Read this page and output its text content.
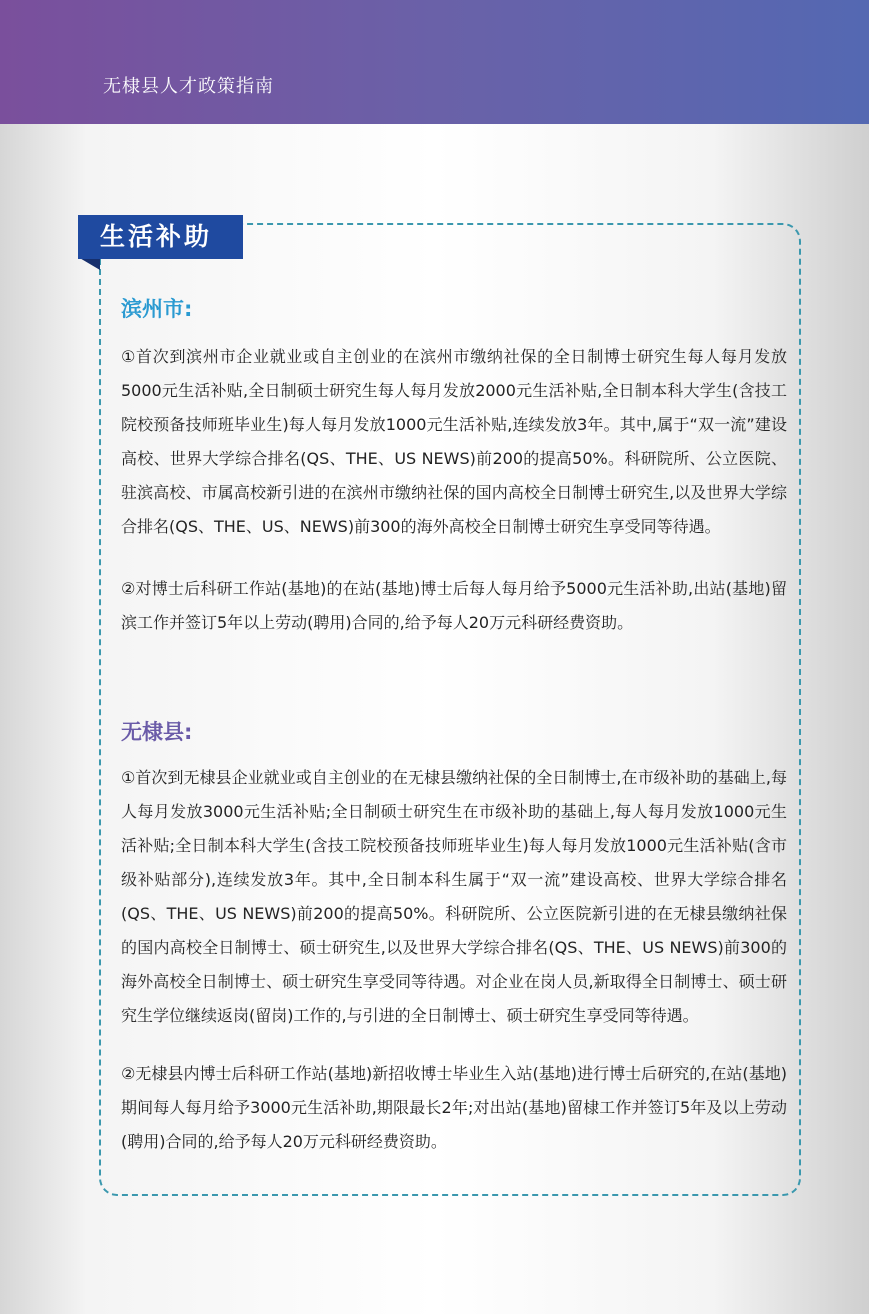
无棣县人才政策指南
生活补助
滨州市:

①首次到滨州市企业就业或自主创业的在滨州市缴纳社保的全日制博士研究生每人每月发放5000元生活补贴,全日制硕士研究生每人每月发放2000元生活补贴,全日制本科大学生(含技工院校预备技师班毕业生)每人每月发放1000元生活补贴,连续发放3年。其中,属于“双一流”建设高校、世界大学综合排名(QS、THE、US NEWS)前200的提高50%。科研院所、公立医院、驻滨高校、市属高校新引进的在滨州市缴纳社保的国内高校全日制博士研究生,以及世界大学综合排名(QS、THE、US、NEWS)前300的海外高校全日制博士研究生享受同等待遇。

②对博士后科研工作站(基地)的在站(基地)博士后每人每月给予5000元生活补助,出站(基地)留滨工作并签订5年以上劳动(聘用)合同的,给予每人20万元科研经费资助。

无棣县:

①首次到无棣县企业就业或自主创业的在无棣县缴纳社保的全日制博士,在市级补助的基础上,每人每月发放3000元生活补贴;全日制硕士研究生在市级补助的基础上,每人每月发放1000元生活补贴;全日制本科大学生(含技工院校预备技师班毕业生)每人每月发放1000元生活补贴(含市级补贴部分),连续发放3年。其中,全日制本科生属于“双一流”建设高校、世界大学综合排名(QS、THE、US NEWS)前200的提高50%。科研院所、公立医院新引进的在无棣县缴纳社保的国内高校全日制博士、硕士研究生,以及世界大学综合排名(QS、THE、US NEWS)前300的海外高校全日制博士、硕士研究生享受同等待遇。对企业在岗人员,新取得全日制博士、硕士研究生学位继续返岗(留岗)工作的,与引进的全日制博士、硕士研究生享受同等待遇。

②无棣县内博士后科研工作站(基地)新招收博士毕业生入站(基地)进行博士后研究的,在站(基地)期间每人每月给予3000元生活补助,期限最长2年;对出站(基地)留棣工作并签订5年及以上劳动(聘用)合同的,给予每人20万元科研经费资助。
